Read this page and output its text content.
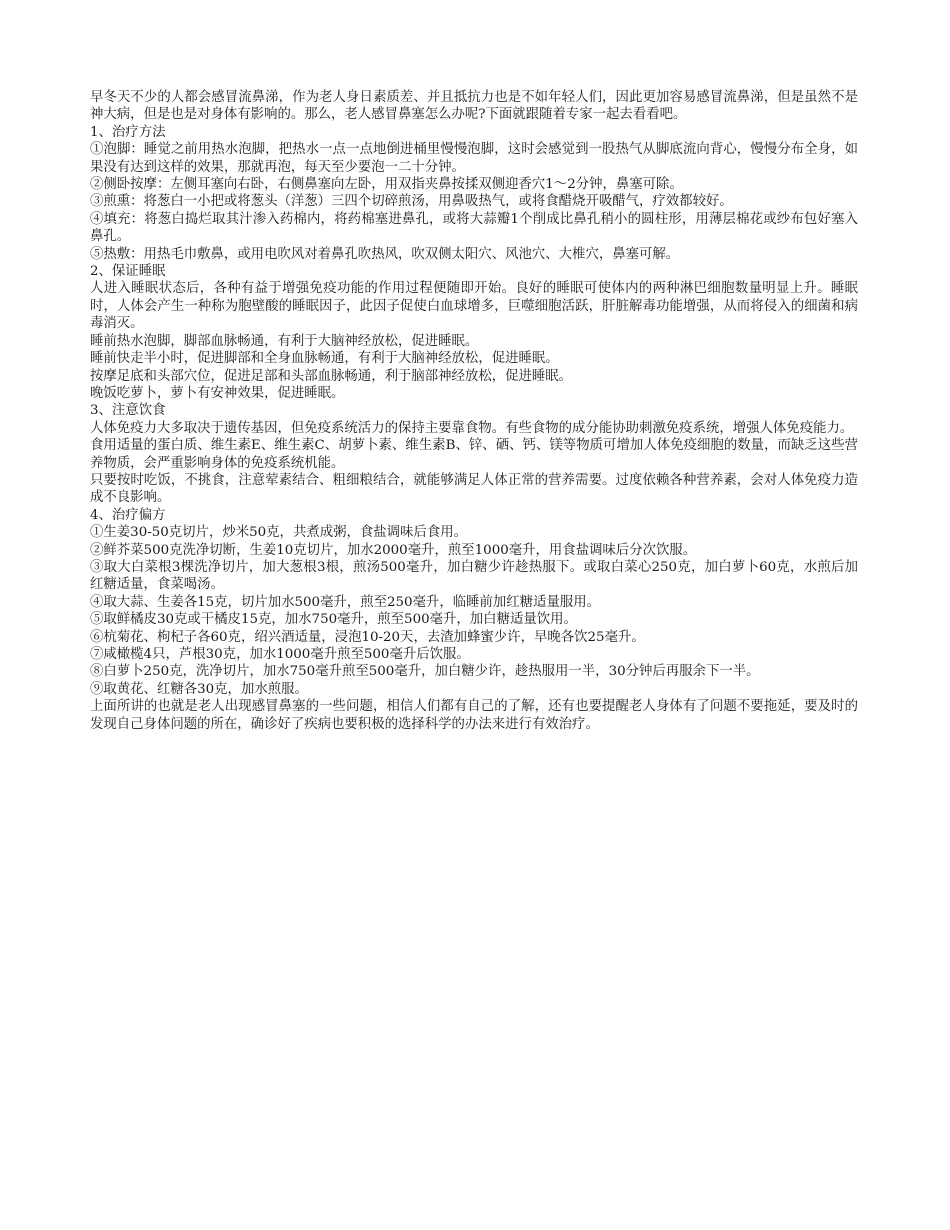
早冬天不少的人都会感冒流鼻涕，作为老人身日素质差、并且抵抗力也是不如年轻人们，因此更加容易感冒流鼻涕，但是虽然不是神大病，但是也是对身体有影响的。那么，老人感冒鼻塞怎么办呢?下面就跟随着专家一起去看看吧。

1、治疗方法

①泡脚：睡觉之前用热水泡脚，把热水一点一点地倒进桶里慢慢泡脚，这时会感觉到一股热气从脚底流向背心，慢慢分布全身，如果没有达到这样的效果，那就再泡，每天至少要泡一二十分钟。

②侧卧按摩：左侧耳塞向右卧，右侧鼻塞向左卧，用双指夹鼻按揉双侧迎香穴1～2分钟，鼻塞可除。

③煎熏：将葱白一小把或将葱头（洋葱）三四个切碎煎汤，用鼻吸热气，或将食醋烧开吸醋气，疗效都较好。

④填充：将葱白捣烂取其汁渗入药棉内，将药棉塞进鼻孔，或将大蒜瓣1个削成比鼻孔稍小的圆柱形，用薄层棉花或纱布包好塞入鼻孔。

⑤热敷：用热毛巾敷鼻，或用电吹风对着鼻孔吹热风，吹双侧太阳穴、风池穴、大椎穴，鼻塞可解。

2、保证睡眠

人进入睡眠状态后，各种有益于增强免疫功能的作用过程便随即开始。良好的睡眠可使体内的两种淋巴细胞数量明显上升。睡眠时，人体会产生一种称为胞壁酸的睡眠因子，此因子促使白血球增多，巨噬细胞活跃，肝脏解毒功能增强，从而将侵入的细菌和病毒消灭。

睡前热水泡脚，脚部血脉畅通，有利于大脑神经放松，促进睡眠。

睡前快走半小时，促进脚部和全身血脉畅通，有利于大脑神经放松，促进睡眠。

按摩足底和头部穴位，促进足部和头部血脉畅通，利于脑部神经放松，促进睡眠。

晚饭吃萝卜，萝卜有安神效果，促进睡眠。

3、注意饮食

人体免疫力大多取决于遗传基因，但免疫系统活力的保持主要靠食物。有些食物的成分能协助刺激免疫系统，增强人体免疫能力。

食用适量的蛋白质、维生素E、维生素C、胡萝卜素、维生素B、锌、硒、钙、镁等物质可增加人体免疫细胞的数量，而缺乏这些营养物质，会严重影响身体的免疫系统机能。

只要按时吃饭，不挑食，注意荤素结合、粗细粮结合，就能够满足人体正常的营养需要。过度依赖各种营养素，会对人体免疫力造成不良影响。

4、治疗偏方

①生姜30-50克切片，炒米50克，共煮成粥，食盐调味后食用。

②鲜芥菜500克洗净切断，生姜10克切片，加水2000毫升，煎至1000毫升，用食盐调味后分次饮服。

③取大白菜根3棵洗净切片，加大葱根3根，煎汤500毫升，加白糖少许趁热服下。或取白菜心250克，加白萝卜60克，水煎后加红糖适量，食菜喝汤。

④取大蒜、生姜各15克，切片加水500毫升，煎至250毫升，临睡前加红糖适量服用。

⑤取鲜橘皮30克或干橘皮15克，加水750毫升，煎至500毫升，加白糖适量饮用。

⑥杭菊花、枸杞子各60克，绍兴酒适量，浸泡10-20天，去渣加蜂蜜少许，早晚各饮25毫升。

⑦咸橄榄4只，芦根30克，加水1000毫升煎至500毫升后饮服。

⑧白萝卜250克，洗净切片，加水750毫升煎至500毫升，加白糖少许，趁热服用一半，30分钟后再服余下一半。

⑨取黄花、红糖各30克，加水煎服。

上面所讲的也就是老人出现感冒鼻塞的一些问题，相信人们都有自己的了解，还有也要提醒老人身体有了问题不要拖延，要及时的发现自己身体问题的所在，确诊好了疾病也要积极的选择科学的办法来进行有效治疗。
